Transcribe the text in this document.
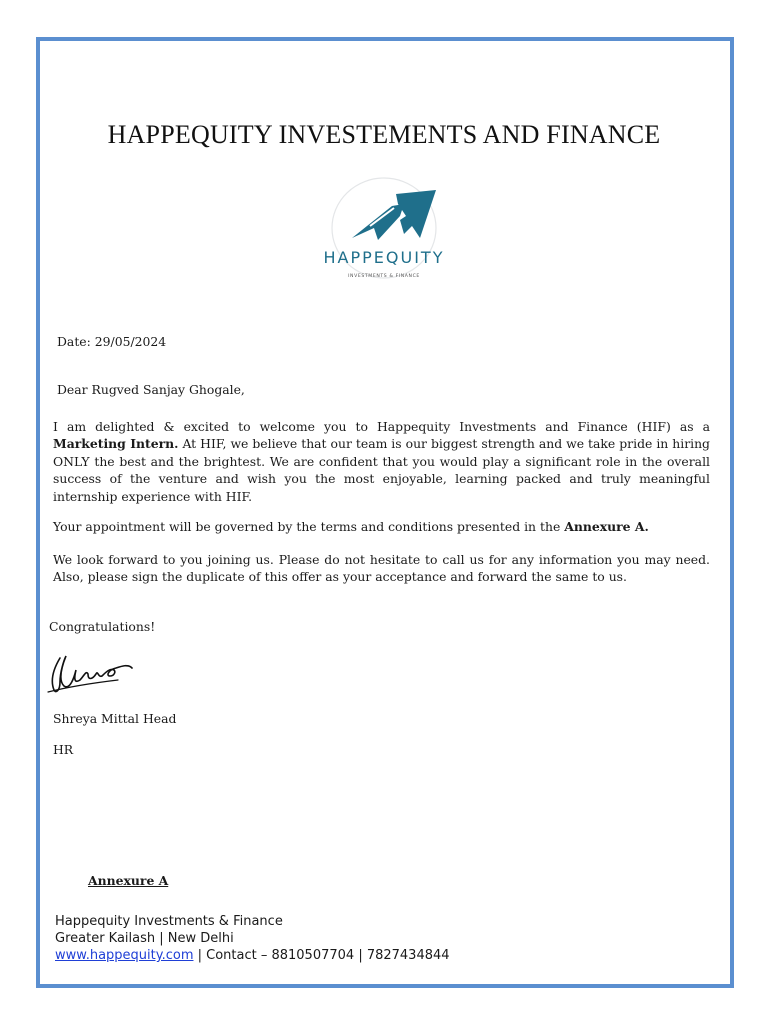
HAPPEQUITY INVESTEMENTS AND FINANCE
HAPPEQUITY
INVESTMENTS & FINANCE
Date: 29/05/2024
Dear Rugved Sanjay Ghogale,

I am delighted & excited to welcome you to Happequity Investments and Finance (HIF) as a Marketing Intern. At HIF, we believe that our team is our biggest strength and we take pride in hiring ONLY the best and the brightest. We are confident that you would play a significant role in the overall success of the venture and wish you the most enjoyable, learning packed and truly meaningful internship experience with HIF.

Your appointment will be governed by the terms and conditions presented in the Annexure A.

We look forward to you joining us. Please do not hesitate to call us for any information you may need. Also, please sign the duplicate of this offer as your acceptance and forward the same to us.

Congratulations!
Shreya Mittal Head
HR
Annexure A
Happequity Investments & Finance
Greater Kailash | New Delhi
www.happequity.com | Contact – 8810507704 | 7827434844
